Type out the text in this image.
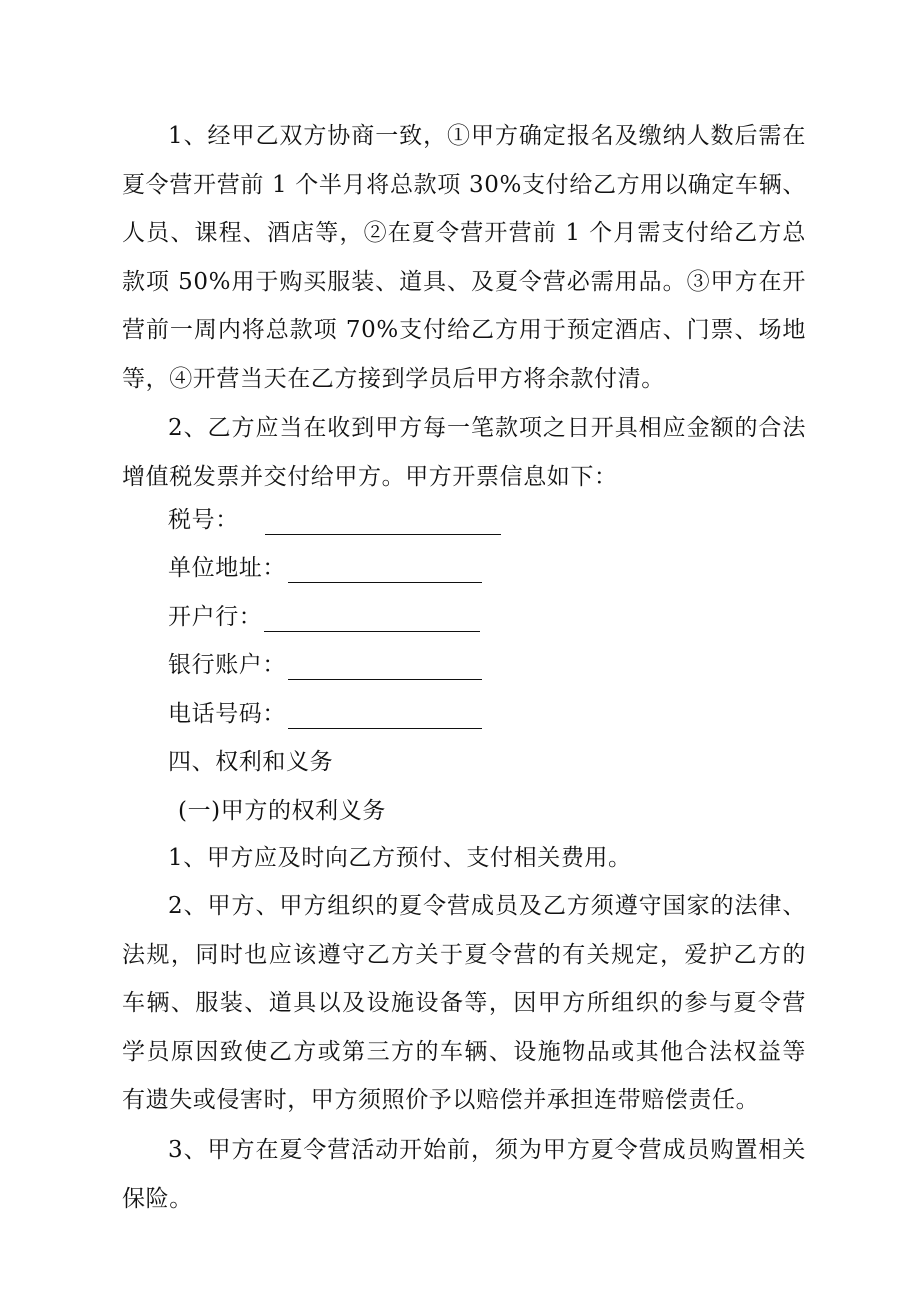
1、经甲乙双方协商一致，①甲方确定报名及缴纳人数后需在夏令营开营前 1 个半月将总款项 30%支付给乙方用以确定车辆、人员、课程、酒店等，②在夏令营开营前 1 个月需支付给乙方总款项 50%用于购买服装、道具、及夏令营必需用品。③甲方在开营前一周内将总款项 70%支付给乙方用于预定酒店、门票、场地等，④开营当天在乙方接到学员后甲方将余款付清。

2、乙方应当在收到甲方每一笔款项之日开具相应金额的合法增值税发票并交付给甲方。甲方开票信息如下：

税号：
单位地址：
开户行：
银行账户：
电话号码：

四、权利和义务

(一)甲方的权利义务

1、甲方应及时向乙方预付、支付相关费用。

2、甲方、甲方组织的夏令营成员及乙方须遵守国家的法律、法规，同时也应该遵守乙方关于夏令营的有关规定，爱护乙方的车辆、服装、道具以及设施设备等，因甲方所组织的参与夏令营学员原因致使乙方或第三方的车辆、设施物品或其他合法权益等有遗失或侵害时，甲方须照价予以赔偿并承担连带赔偿责任。

3、甲方在夏令营活动开始前，须为甲方夏令营成员购置相关保险。
